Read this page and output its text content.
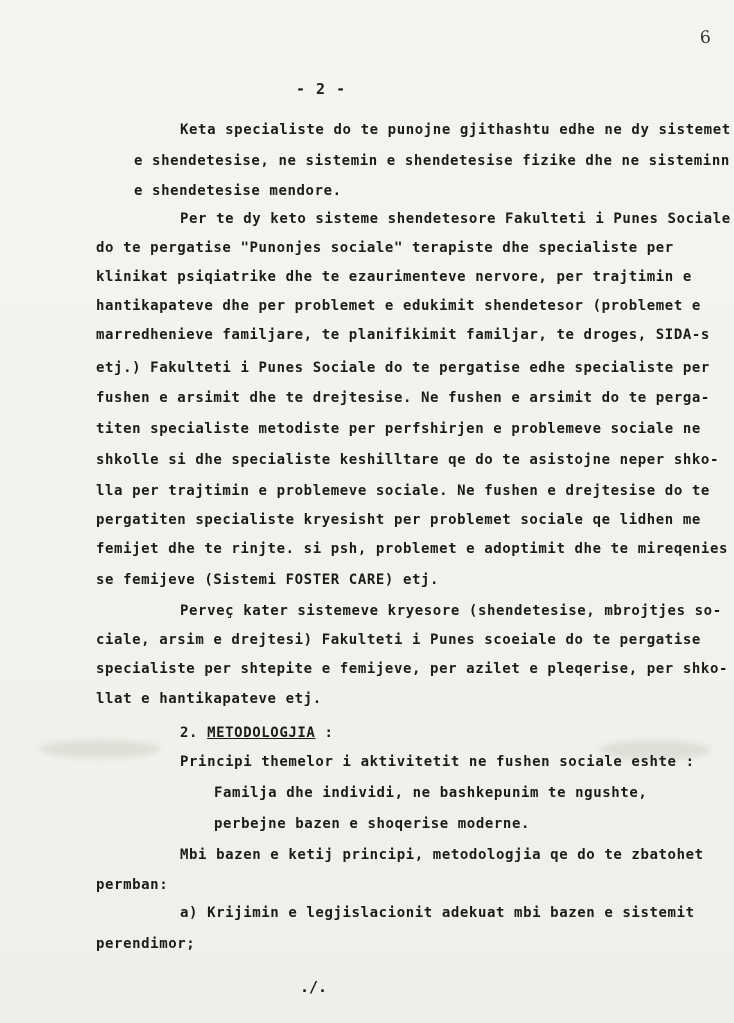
6
- 2 -
Keta specialiste do te punojne gjithashtu edhe ne dy sistemet
e shendetesise, ne sistemin e shendetesise fizike dhe ne sisteminn
e shendetesise mendore.
Per te dy keto sisteme shendetesore Fakulteti i Punes Sociale
do te pergatise "Punonjes sociale" terapiste dhe specialiste per
klinikat psiqiatrike dhe te ezaurimenteve nervore, per trajtimin e
hantikapateve dhe per problemet e edukimit shendetesor (problemet e
marredhenieve familjare, te planifikimit familjar, te droges, SIDA-s
etj.) Fakulteti i Punes Sociale do te pergatise edhe specialiste per
fushen e arsimit dhe te drejtesise. Ne fushen e arsimit do te perga-
titen specialiste metodiste per perfshirjen e problemeve sociale ne
shkolle si dhe specialiste keshilltare qe do te asistojne neper shko-
lla per trajtimin e problemeve sociale. Ne fushen e drejtesise do te
pergatiten specialiste kryesisht per problemet sociale qe lidhen me
femijet dhe te rinjte. si psh, problemet e adoptimit dhe te mireqenies
se femijeve (Sistemi FOSTER CARE) etj.
Perveç kater sistemeve kryesore (shendetesise, mbrojtjes so-
ciale, arsim e drejtesi) Fakulteti i Punes scoeiale do te pergatise
specialiste per shtepite e femijeve, per azilet e pleqerise, per shko-
llat e hantikapateve etj.
2. METODOLOGJIA :
Principi themelor i aktivitetit ne fushen sociale eshte :
Familja dhe individi, ne bashkepunim te ngushte,
perbejne bazen e shoqerise moderne.
Mbi bazen e ketij principi, metodologjia qe do te zbatohet
permban:
a) Krijimin e legjislacionit adekuat mbi bazen e sistemit
perendimor;
./.
